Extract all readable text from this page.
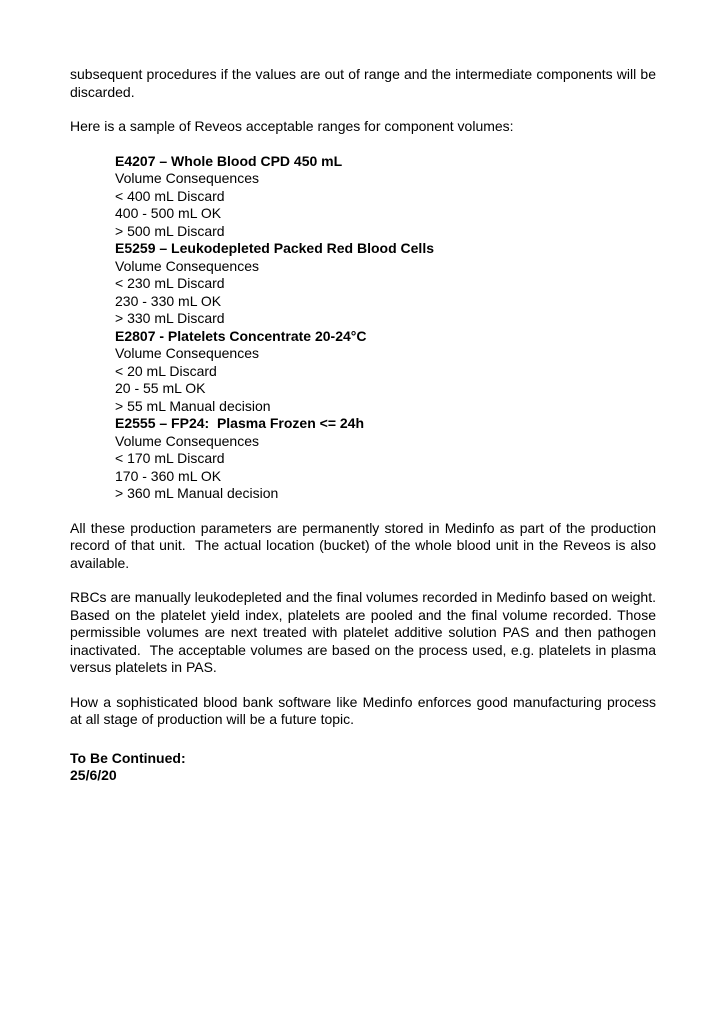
subsequent procedures if the values are out of range and the intermediate components will be discarded.

Here is a sample of Reveos acceptable ranges for component volumes:

E4207 – Whole Blood CPD 450 mL
Volume Consequences
< 400 mL Discard
400 - 500 mL OK
> 500 mL Discard
E5259 – Leukodepleted Packed Red Blood Cells
Volume Consequences
< 230 mL Discard
230 - 330 mL OK
> 330 mL Discard
E2807 - Platelets Concentrate 20-24°C
Volume Consequences
< 20 mL Discard
20 - 55 mL OK
> 55 mL Manual decision
E2555 – FP24:  Plasma Frozen <= 24h
Volume Consequences
< 170 mL Discard
170 - 360 mL OK
> 360 mL Manual decision

All these production parameters are permanently stored in Medinfo as part of the production record of that unit.  The actual location (bucket) of the whole blood unit in the Reveos is also available.

RBCs are manually leukodepleted and the final volumes recorded in Medinfo based on weight.  Based on the platelet yield index, platelets are pooled and the final volume recorded. Those permissible volumes are next treated with platelet additive solution PAS and then pathogen inactivated.  The acceptable volumes are based on the process used, e.g. platelets in plasma versus platelets in PAS.

How a sophisticated blood bank software like Medinfo enforces good manufacturing process at all stage of production will be a future topic.

To Be Continued:

25/6/20
